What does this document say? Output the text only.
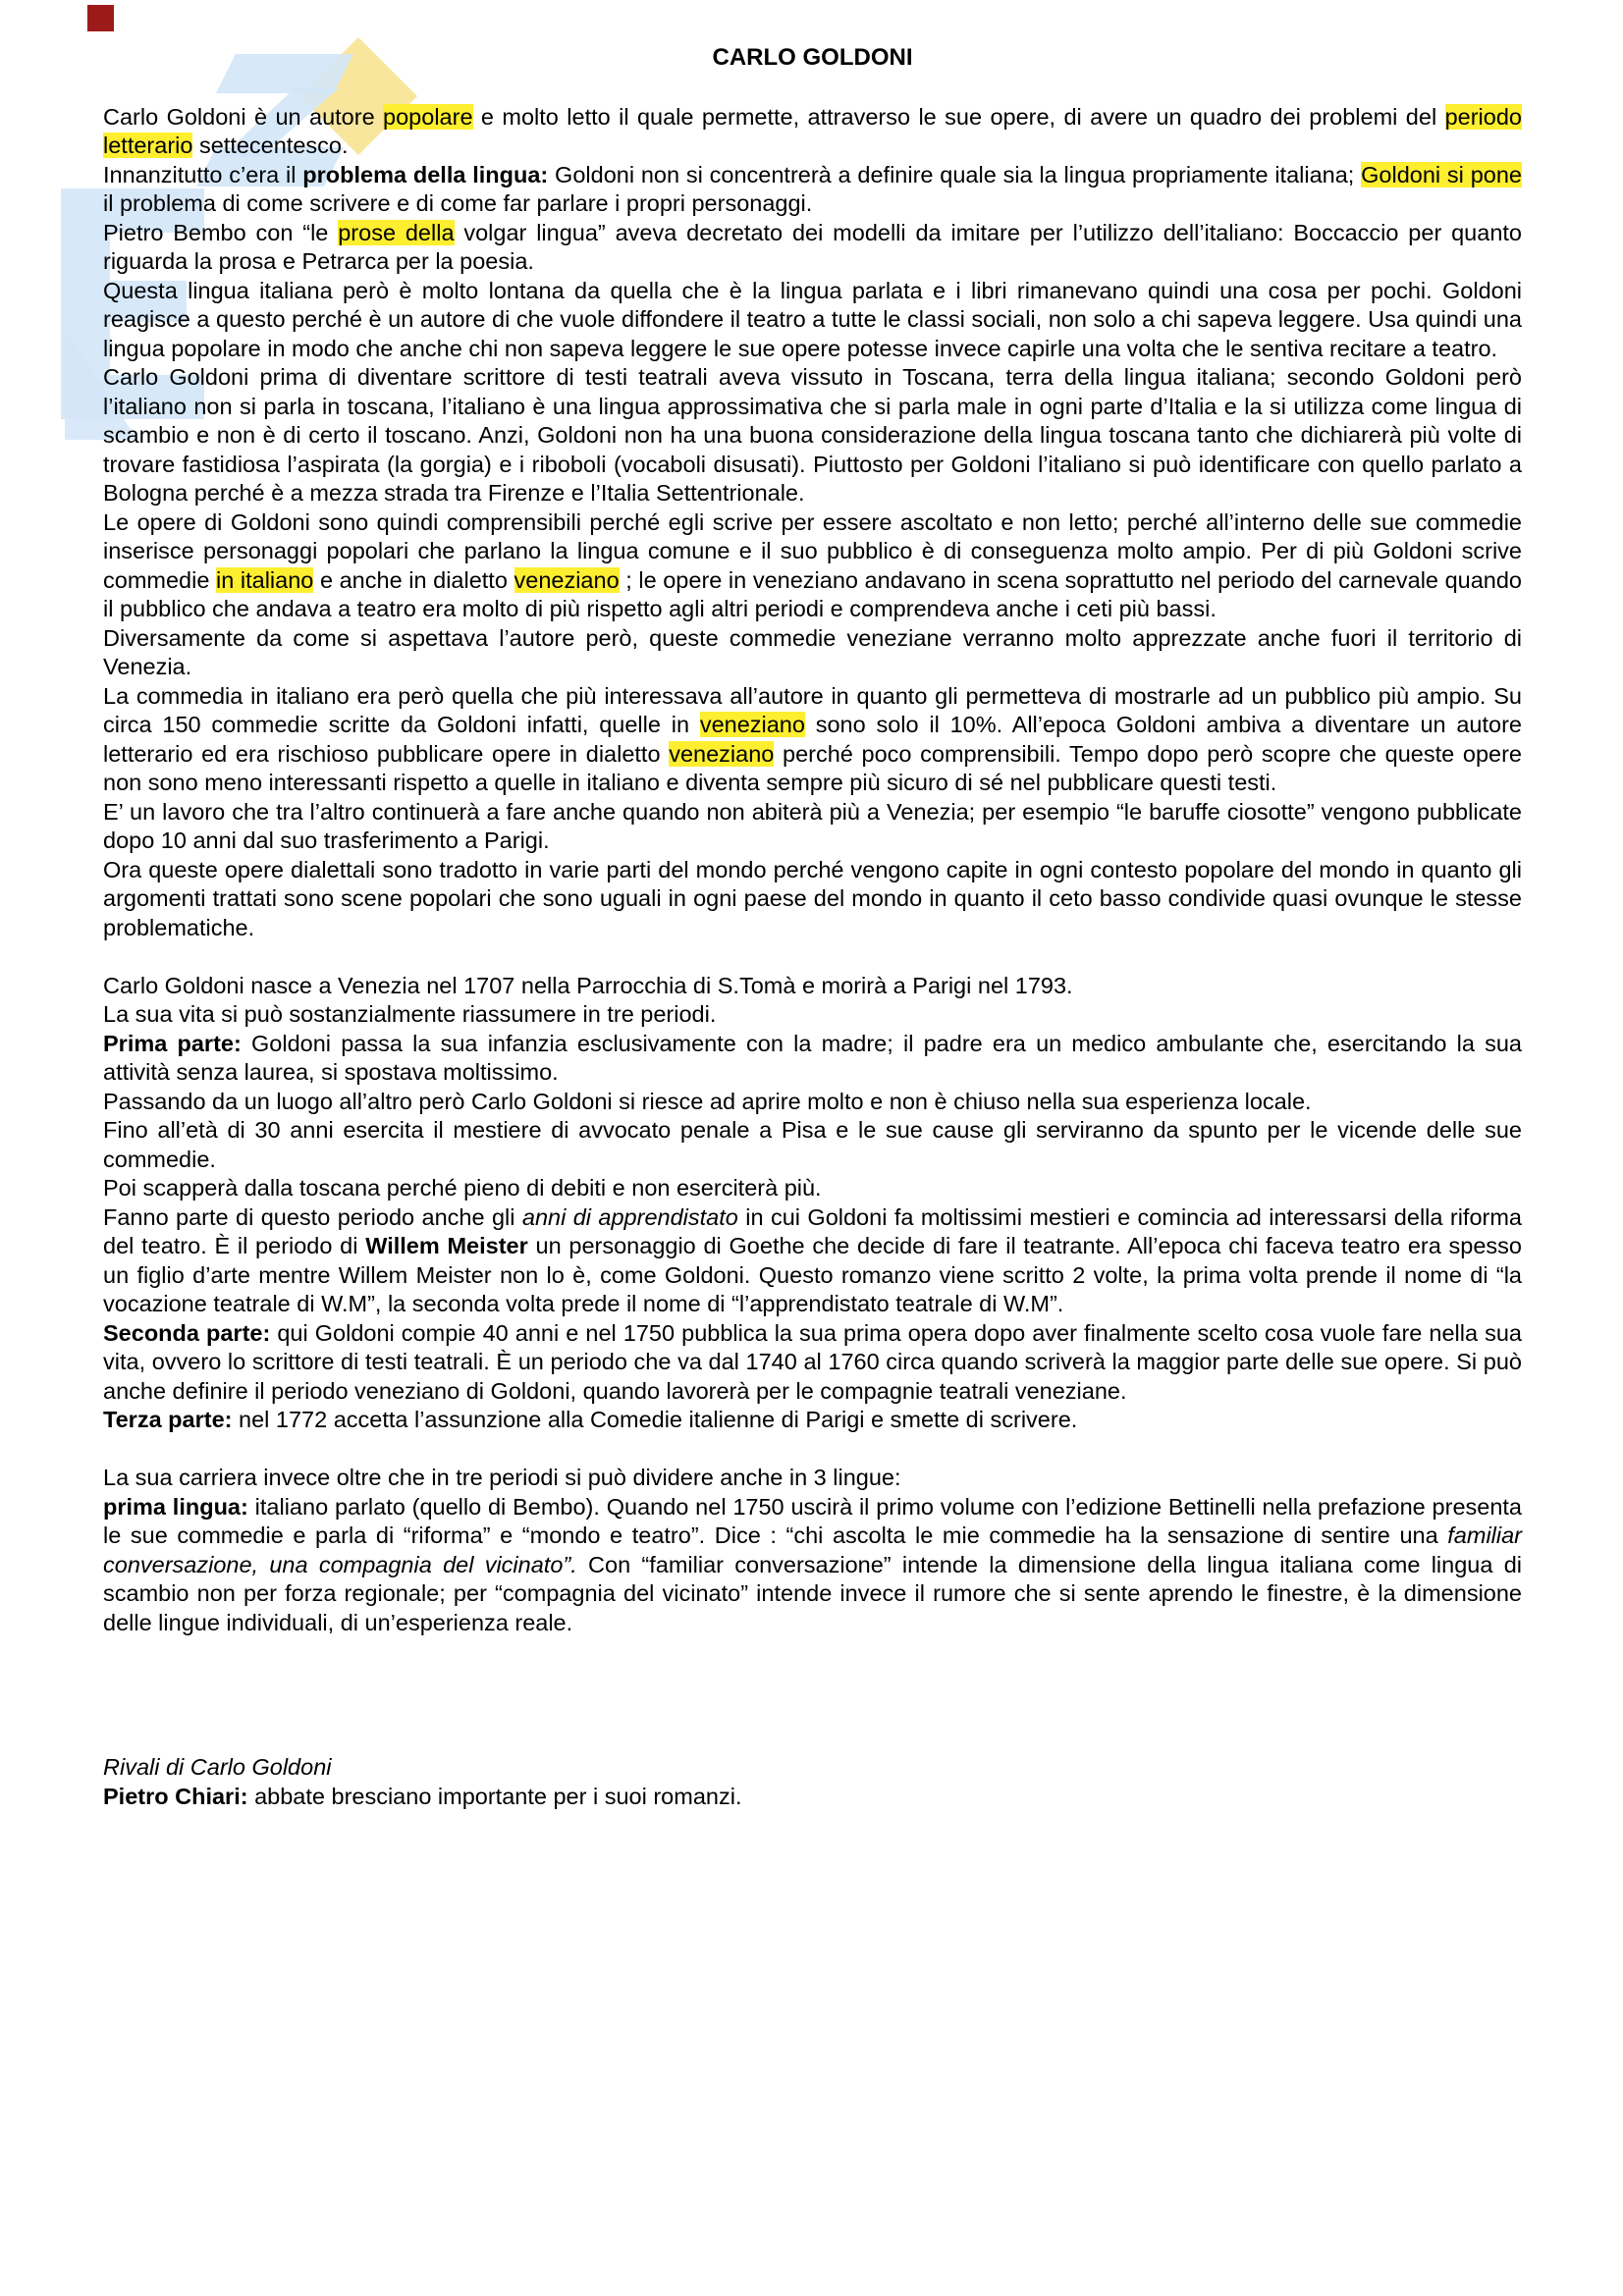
CARLO GOLDONI
Carlo Goldoni è un autore popolare e molto letto il quale permette, attraverso le sue opere, di avere un quadro dei problemi del periodo letterario settecentesco.
Innanzitutto c’era il problema della lingua: Goldoni non si concentrerà a definire quale sia la lingua propriamente italiana; Goldoni si pone il problema di come scrivere e di come far parlare i propri personaggi.
Pietro Bembo con “le prose della volgar lingua” aveva decretato dei modelli da imitare per l’utilizzo dell’italiano: Boccaccio per quanto riguarda la prosa e Petrarca per la poesia.
Questa lingua italiana però è molto lontana da quella che è la lingua parlata e i libri rimanevano quindi una cosa per pochi. Goldoni reagisce a questo perché è un autore di che vuole diffondere il teatro a tutte le classi sociali, non solo a chi sapeva leggere. Usa quindi una lingua popolare in modo che anche chi non sapeva leggere le sue opere potesse invece capirle una volta che le sentiva recitare a teatro.
Carlo Goldoni prima di diventare scrittore di testi teatrali aveva vissuto in Toscana, terra della lingua italiana; secondo Goldoni però l’italiano non si parla in toscana, l’italiano è una lingua approssimativa che si parla male in ogni parte d’Italia e la si utilizza come lingua di scambio e non è di certo il toscano. Anzi, Goldoni non ha una buona considerazione della lingua toscana tanto che dichiarerà più volte di trovare fastidiosa l’aspirata (la gorgia) e i riboboli (vocaboli disusati). Piuttosto per Goldoni l’italiano si può identificare con quello parlato a Bologna perché è a mezza strada tra Firenze e l’Italia Settentrionale.
Le opere di Goldoni sono quindi comprensibili perché egli scrive per essere ascoltato e non letto; perché all’interno delle sue commedie inserisce personaggi popolari che parlano la lingua comune e il suo pubblico è di conseguenza molto ampio. Per di più Goldoni scrive commedie in italiano e anche in dialetto veneziano ; le opere in veneziano andavano in scena soprattutto nel periodo del carnevale quando il pubblico che andava a teatro era molto di più rispetto agli altri periodi e comprendeva anche i ceti più bassi.
Diversamente da come si aspettava l’autore però, queste commedie veneziane verranno molto apprezzate anche fuori il territorio di Venezia.
La commedia in italiano era però quella che più interessava all’autore in quanto gli permetteva di mostrarle ad un pubblico più ampio. Su circa 150 commedie scritte da Goldoni infatti, quelle in veneziano sono solo il 10%. All’epoca Goldoni ambiva a diventare un autore letterario ed era rischioso pubblicare opere in dialetto veneziano perché poco comprensibili. Tempo dopo però scopre che queste opere non sono meno interessanti rispetto a quelle in italiano e diventa sempre più sicuro di sé nel pubblicare questi testi.
E’ un lavoro che tra l’altro continuerà a fare anche quando non abiterà più a Venezia; per esempio “le baruffe ciosotte” vengono pubblicate dopo 10 anni dal suo trasferimento a Parigi.
Ora queste opere dialettali sono tradotto in varie parti del mondo perché vengono capite in ogni contesto popolare del mondo in quanto gli argomenti trattati sono scene popolari che sono uguali in ogni paese del mondo in quanto il ceto basso condivide quasi ovunque le stesse problematiche.
Carlo Goldoni nasce a Venezia nel 1707 nella Parrocchia di S.Tomà e morirà a Parigi nel 1793.
La sua vita si può sostanzialmente riassumere in tre periodi.
Prima parte: Goldoni passa la sua infanzia esclusivamente con la madre; il padre era un medico ambulante che, esercitando la sua attività senza laurea, si spostava moltissimo.
Passando da un luogo all’altro però Carlo Goldoni si riesce ad aprire molto e non è chiuso nella sua esperienza locale.
Fino all’età di 30 anni esercita il mestiere di avvocato penale a Pisa e le sue cause gli serviranno da spunto per le vicende delle sue commedie.
Poi scapperà dalla toscana perché pieno di debiti e non eserciterà più.
Fanno parte di questo periodo anche gli anni di apprendistato in cui Goldoni fa moltissimi mestieri e comincia ad interessarsi della riforma del teatro. È il periodo di Willem Meister un personaggio di Goethe che decide di fare il teatrante. All’epoca chi faceva teatro era spesso un figlio d’arte mentre Willem Meister non lo è, come Goldoni. Questo romanzo viene scritto 2 volte, la prima volta prende il nome di “la vocazione teatrale di W.M”, la seconda volta prede il nome di “l’apprendistato teatrale di W.M”.
Seconda parte: qui Goldoni compie 40 anni e nel 1750 pubblica la sua prima opera dopo aver finalmente scelto cosa vuole fare nella sua vita, ovvero lo scrittore di testi teatrali. È un periodo che va dal 1740 al 1760 circa quando scriverà la maggior parte delle sue opere. Si può anche definire il periodo veneziano di Goldoni, quando lavorerà per le compagnie teatrali veneziane.
Terza parte: nel 1772 accetta l’assunzione alla Comedie italienne di Parigi e smette di scrivere.
La sua carriera invece oltre che in tre periodi si può dividere anche in 3 lingue:
prima lingua: italiano parlato (quello di Bembo). Quando nel 1750 uscirà il primo volume con l’edizione Bettinelli nella prefazione presenta le sue commedie e parla di “riforma” e “mondo e teatro”. Dice : “chi ascolta le mie commedie ha la sensazione di sentire una familiar conversazione, una compagnia del vicinato”. Con “familiar conversazione” intende la dimensione della lingua italiana come lingua di scambio non per forza regionale; per “compagnia del vicinato” intende invece il rumore che si sente aprendo le finestre, è la dimensione delle lingue individuali, di un’esperienza reale.
Rivali di Carlo Goldoni
Pietro Chiari: abbate bresciano importante per i suoi romanzi.
